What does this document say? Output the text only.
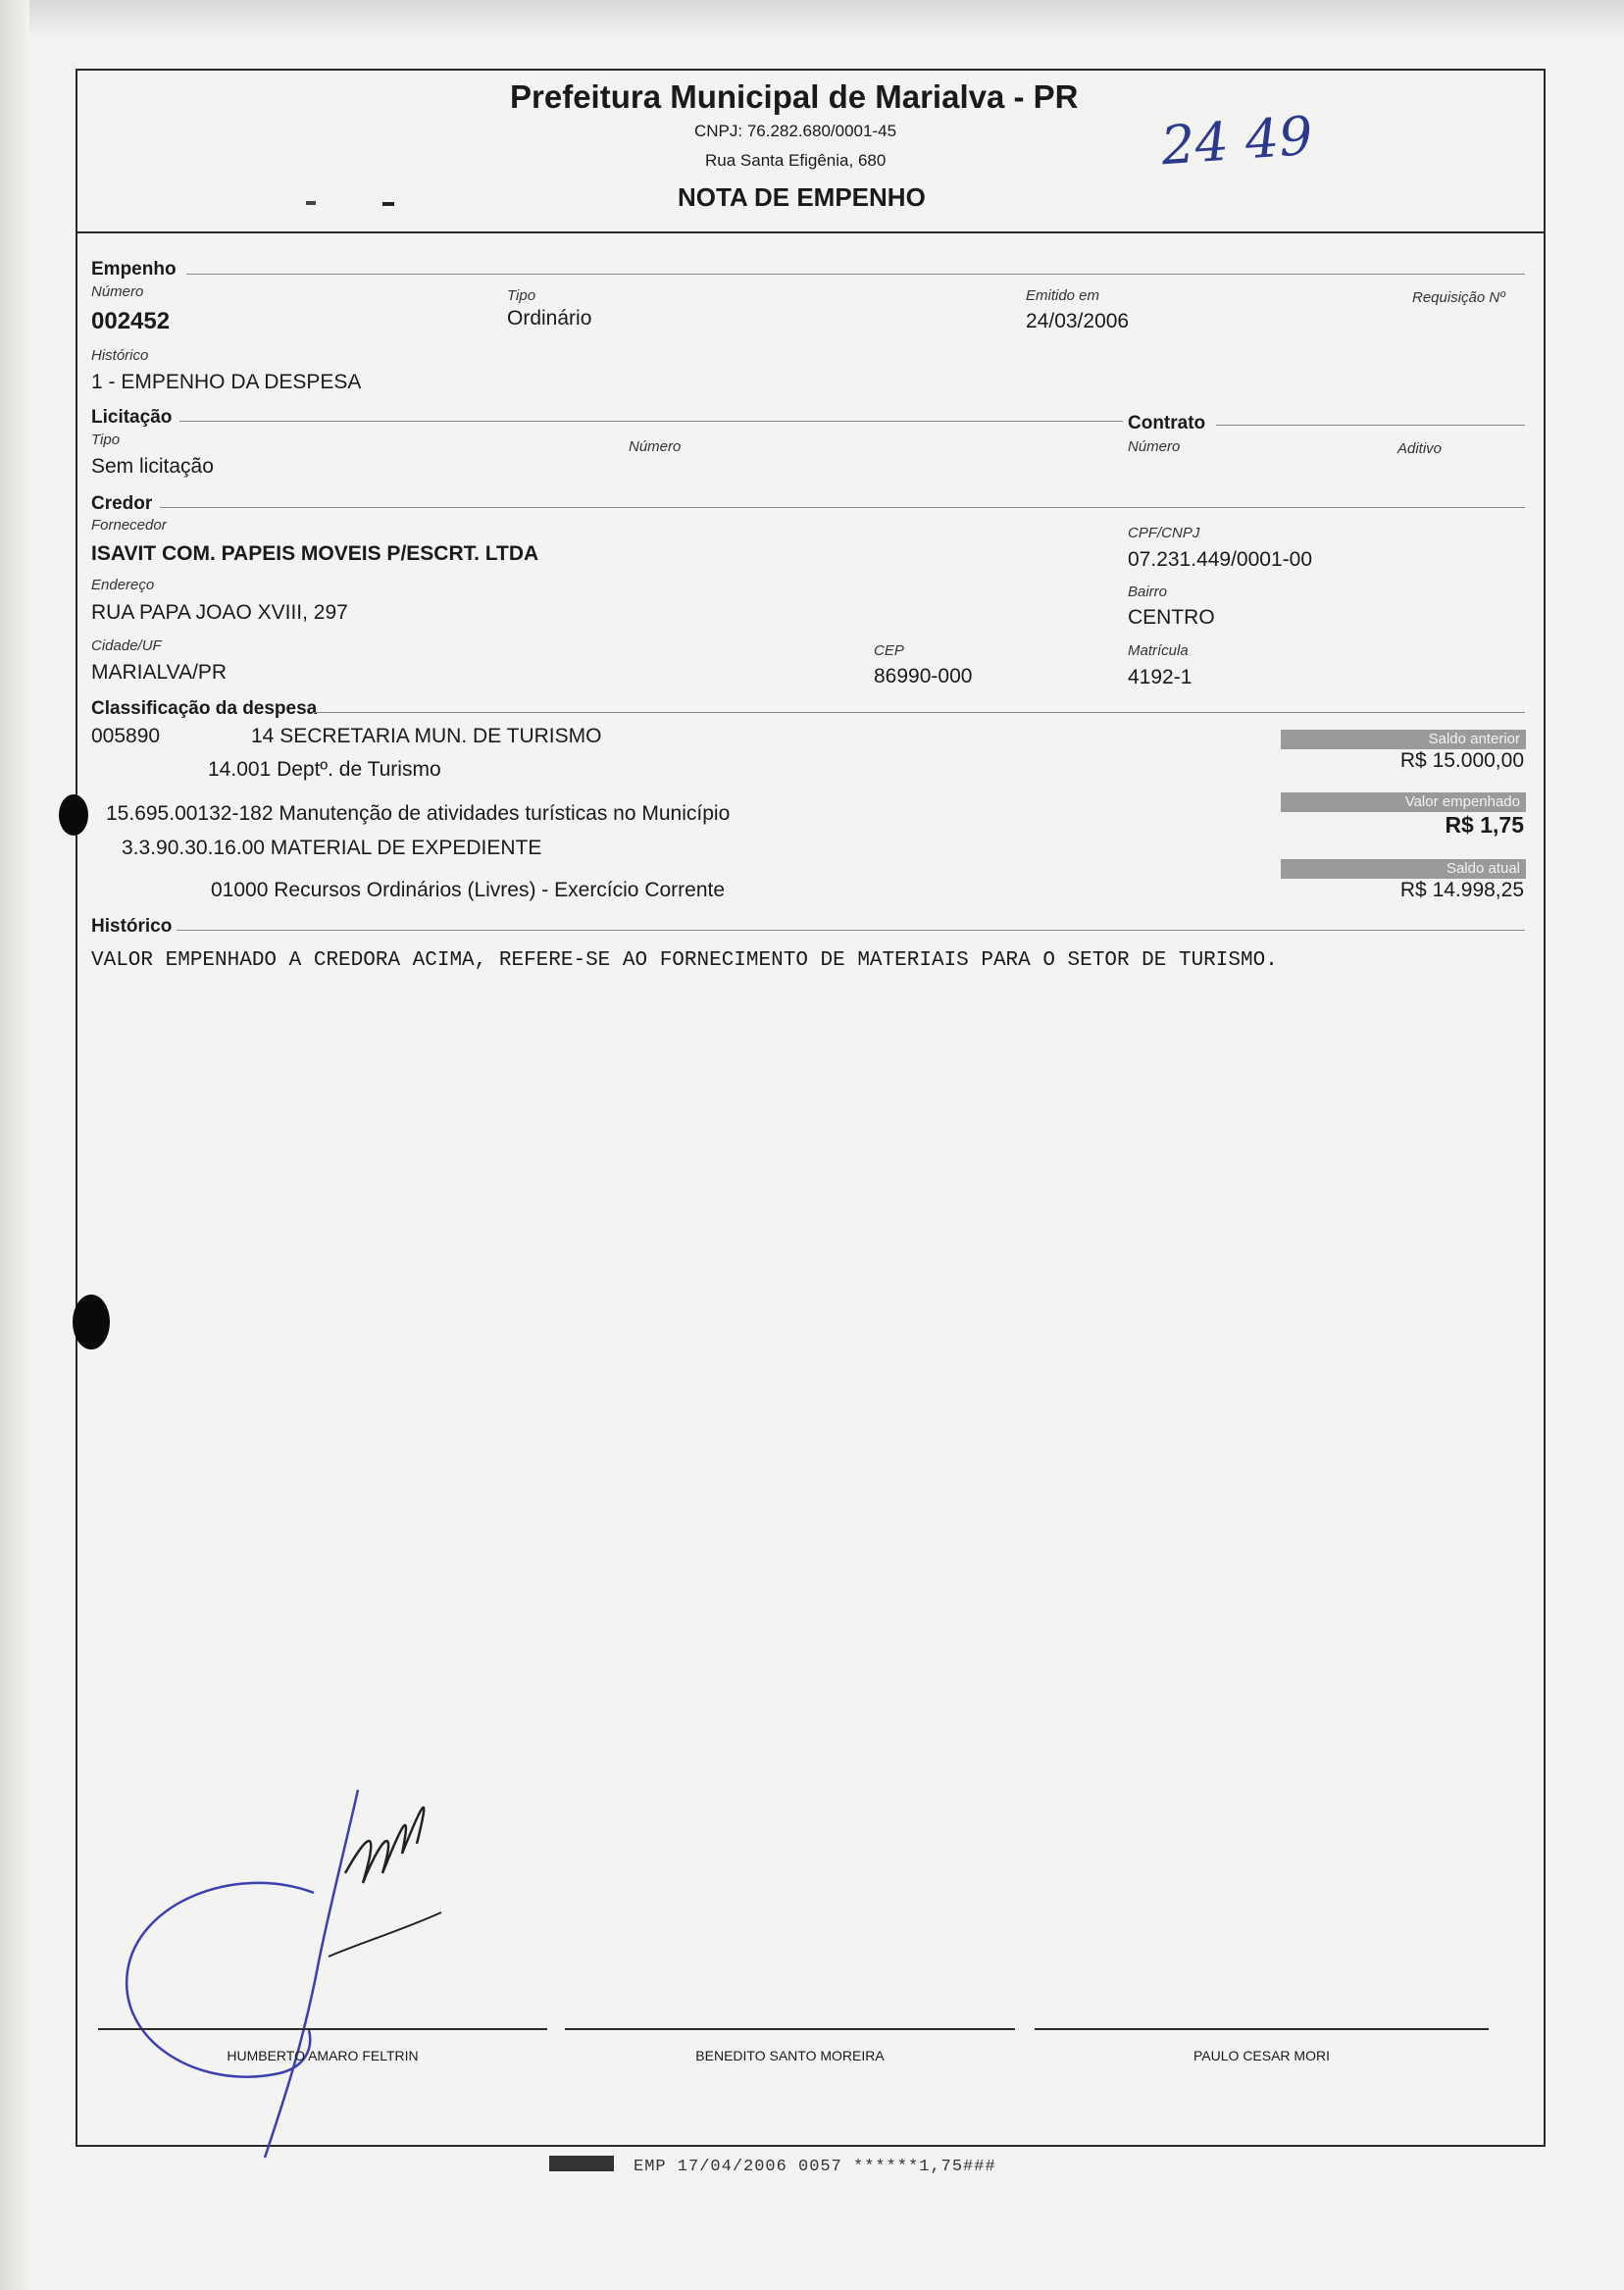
Prefeitura Municipal de Marialva - PR
CNPJ: 76.282.680/0001-45
Rua Santa Efigênia, 680
NOTA DE EMPENHO
24 49
Empenho
Número
002452
Tipo
Ordinário
Emitido em
24/03/2006
Requisição Nº
Histórico
1 - EMPENHO DA DESPESA
Licitação
Tipo
Sem licitação
Número
Contrato
Número	Aditivo
Credor
Fornecedor
ISAVIT COM. PAPEIS MOVEIS P/ESCRT. LTDA
CPF/CNPJ
07.231.449/0001-00
Endereço
RUA PAPA JOAO XVIII, 297
Bairro
CENTRO
Cidade/UF
MARIALVA/PR
CEP
86990-000
Matrícula
4192-1
Classificação da despesa
005890	14 SECRETARIA MUN. DE TURISMO
14.001 Deptº. de Turismo
15.695.00132-182 Manutenção de atividades turísticas no Município
3.3.90.30.16.00 MATERIAL DE EXPEDIENTE
01000 Recursos Ordinários (Livres) - Exercício Corrente
Saldo anterior
R$ 15.000,00
Valor empenhado
R$ 1,75
Saldo atual
R$ 14.998,25
Histórico
VALOR EMPENHADO A CREDORA ACIMA, REFERE-SE AO FORNECIMENTO DE MATERIAIS PARA O SETOR DE TURISMO.
HUMBERTO AMARO FELTRIN	BENEDITO SANTO MOREIRA	PAULO CESAR MORI
EMP 17/04/2006 0057 ******1,75###
